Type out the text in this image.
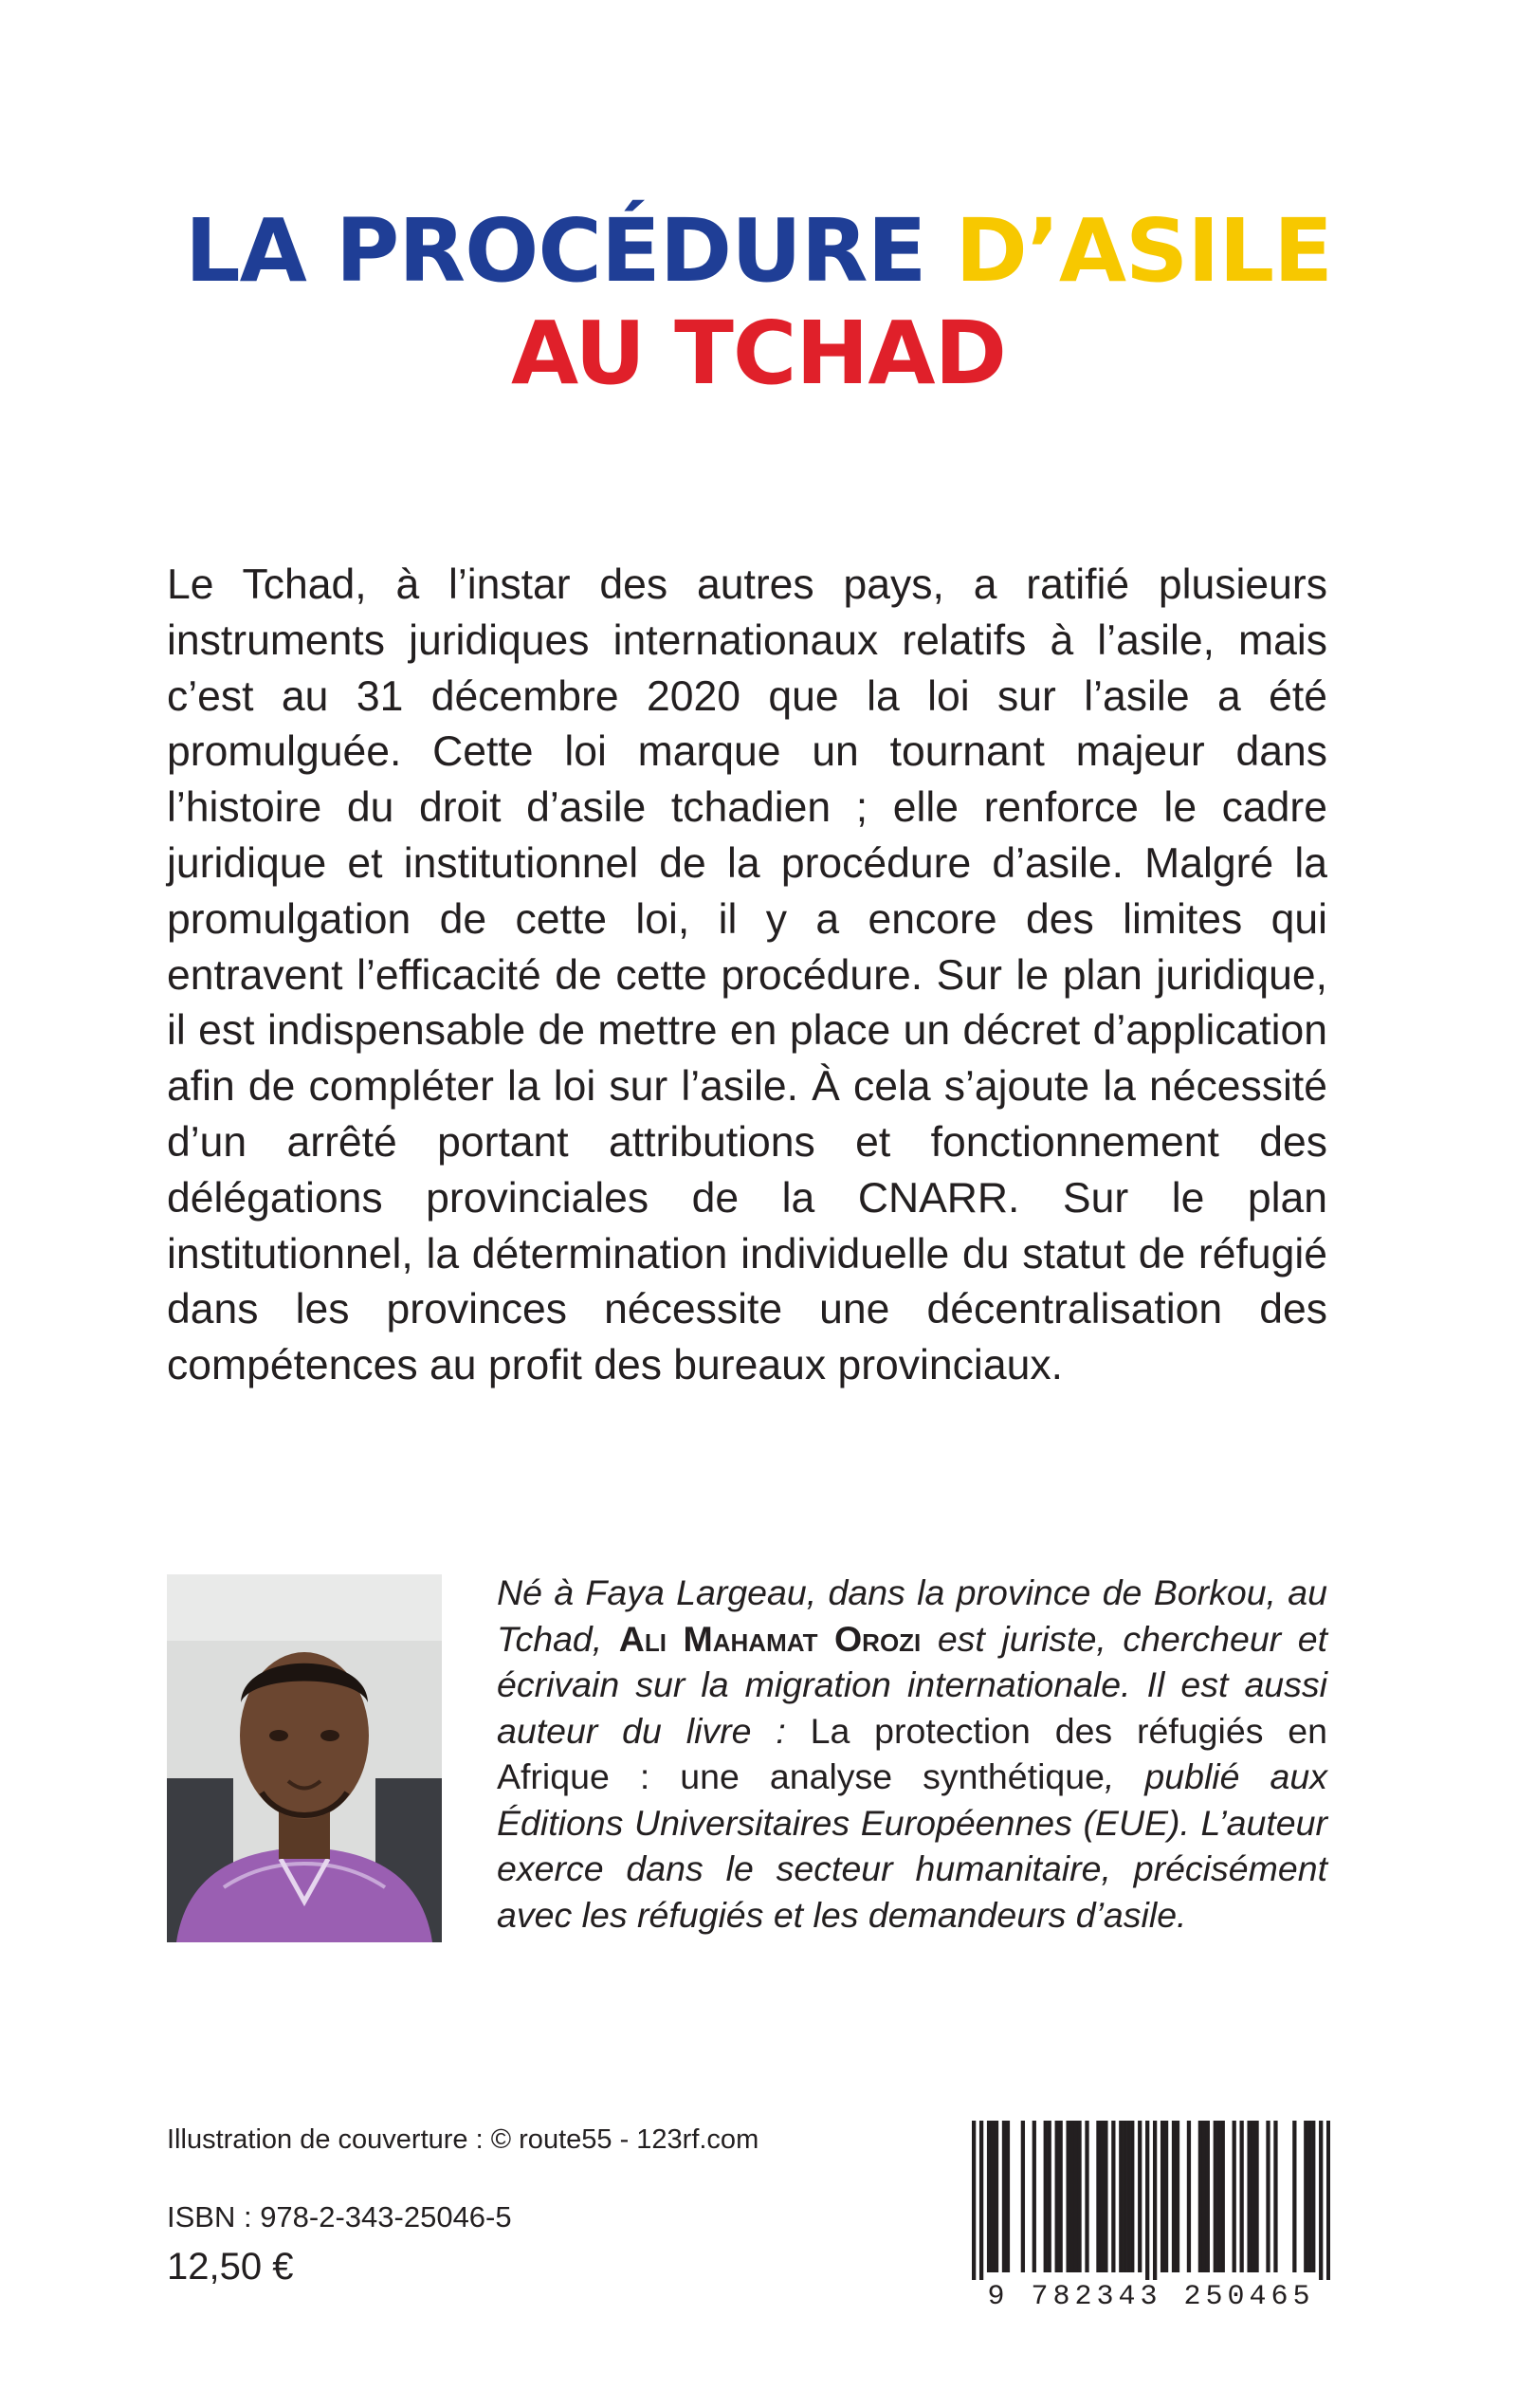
LA PROCÉDURE D’ASILE
AU TCHAD

Le Tchad, à l’instar des autres pays, a ratifié plusieurs instruments juridiques internationaux relatifs à l’asile, mais c’est au 31 décembre 2020 que la loi sur l’asile a été promulguée. Cette loi marque un tournant majeur dans l’histoire du droit d’asile tchadien ; elle renforce le cadre juridique et institutionnel de la procédure d’asile. Malgré la promulgation de cette loi, il y a encore des limites qui entravent l’efficacité de cette procédure. Sur le plan juridique, il est indispensable de mettre en place un décret d’application afin de compléter la loi sur l’asile. À cela s’ajoute la nécessité d’un arrêté portant attributions et fonctionnement des délégations provinciales de la CNARR. Sur le plan institutionnel, la détermination individuelle du statut de réfugié dans les provinces nécessite une décentralisation des compétences au profit des bureaux provinciaux.

Né à Faya Largeau, dans la province de Borkou, au Tchad, Ali Mahamat Orozi est juriste, chercheur et écrivain sur la migration internationale. Il est aussi auteur du livre : La protection des réfugiés en Afrique : une analyse synthétique, publié aux Éditions Universitaires Européennes (EUE). L’auteur exerce dans le secteur humanitaire, précisément avec les réfugiés et les demandeurs d’asile.

Illustration de couverture : © route55 - 123rf.com

ISBN : 978-2-343-25046-5

12,50 €

9 782343 250465
